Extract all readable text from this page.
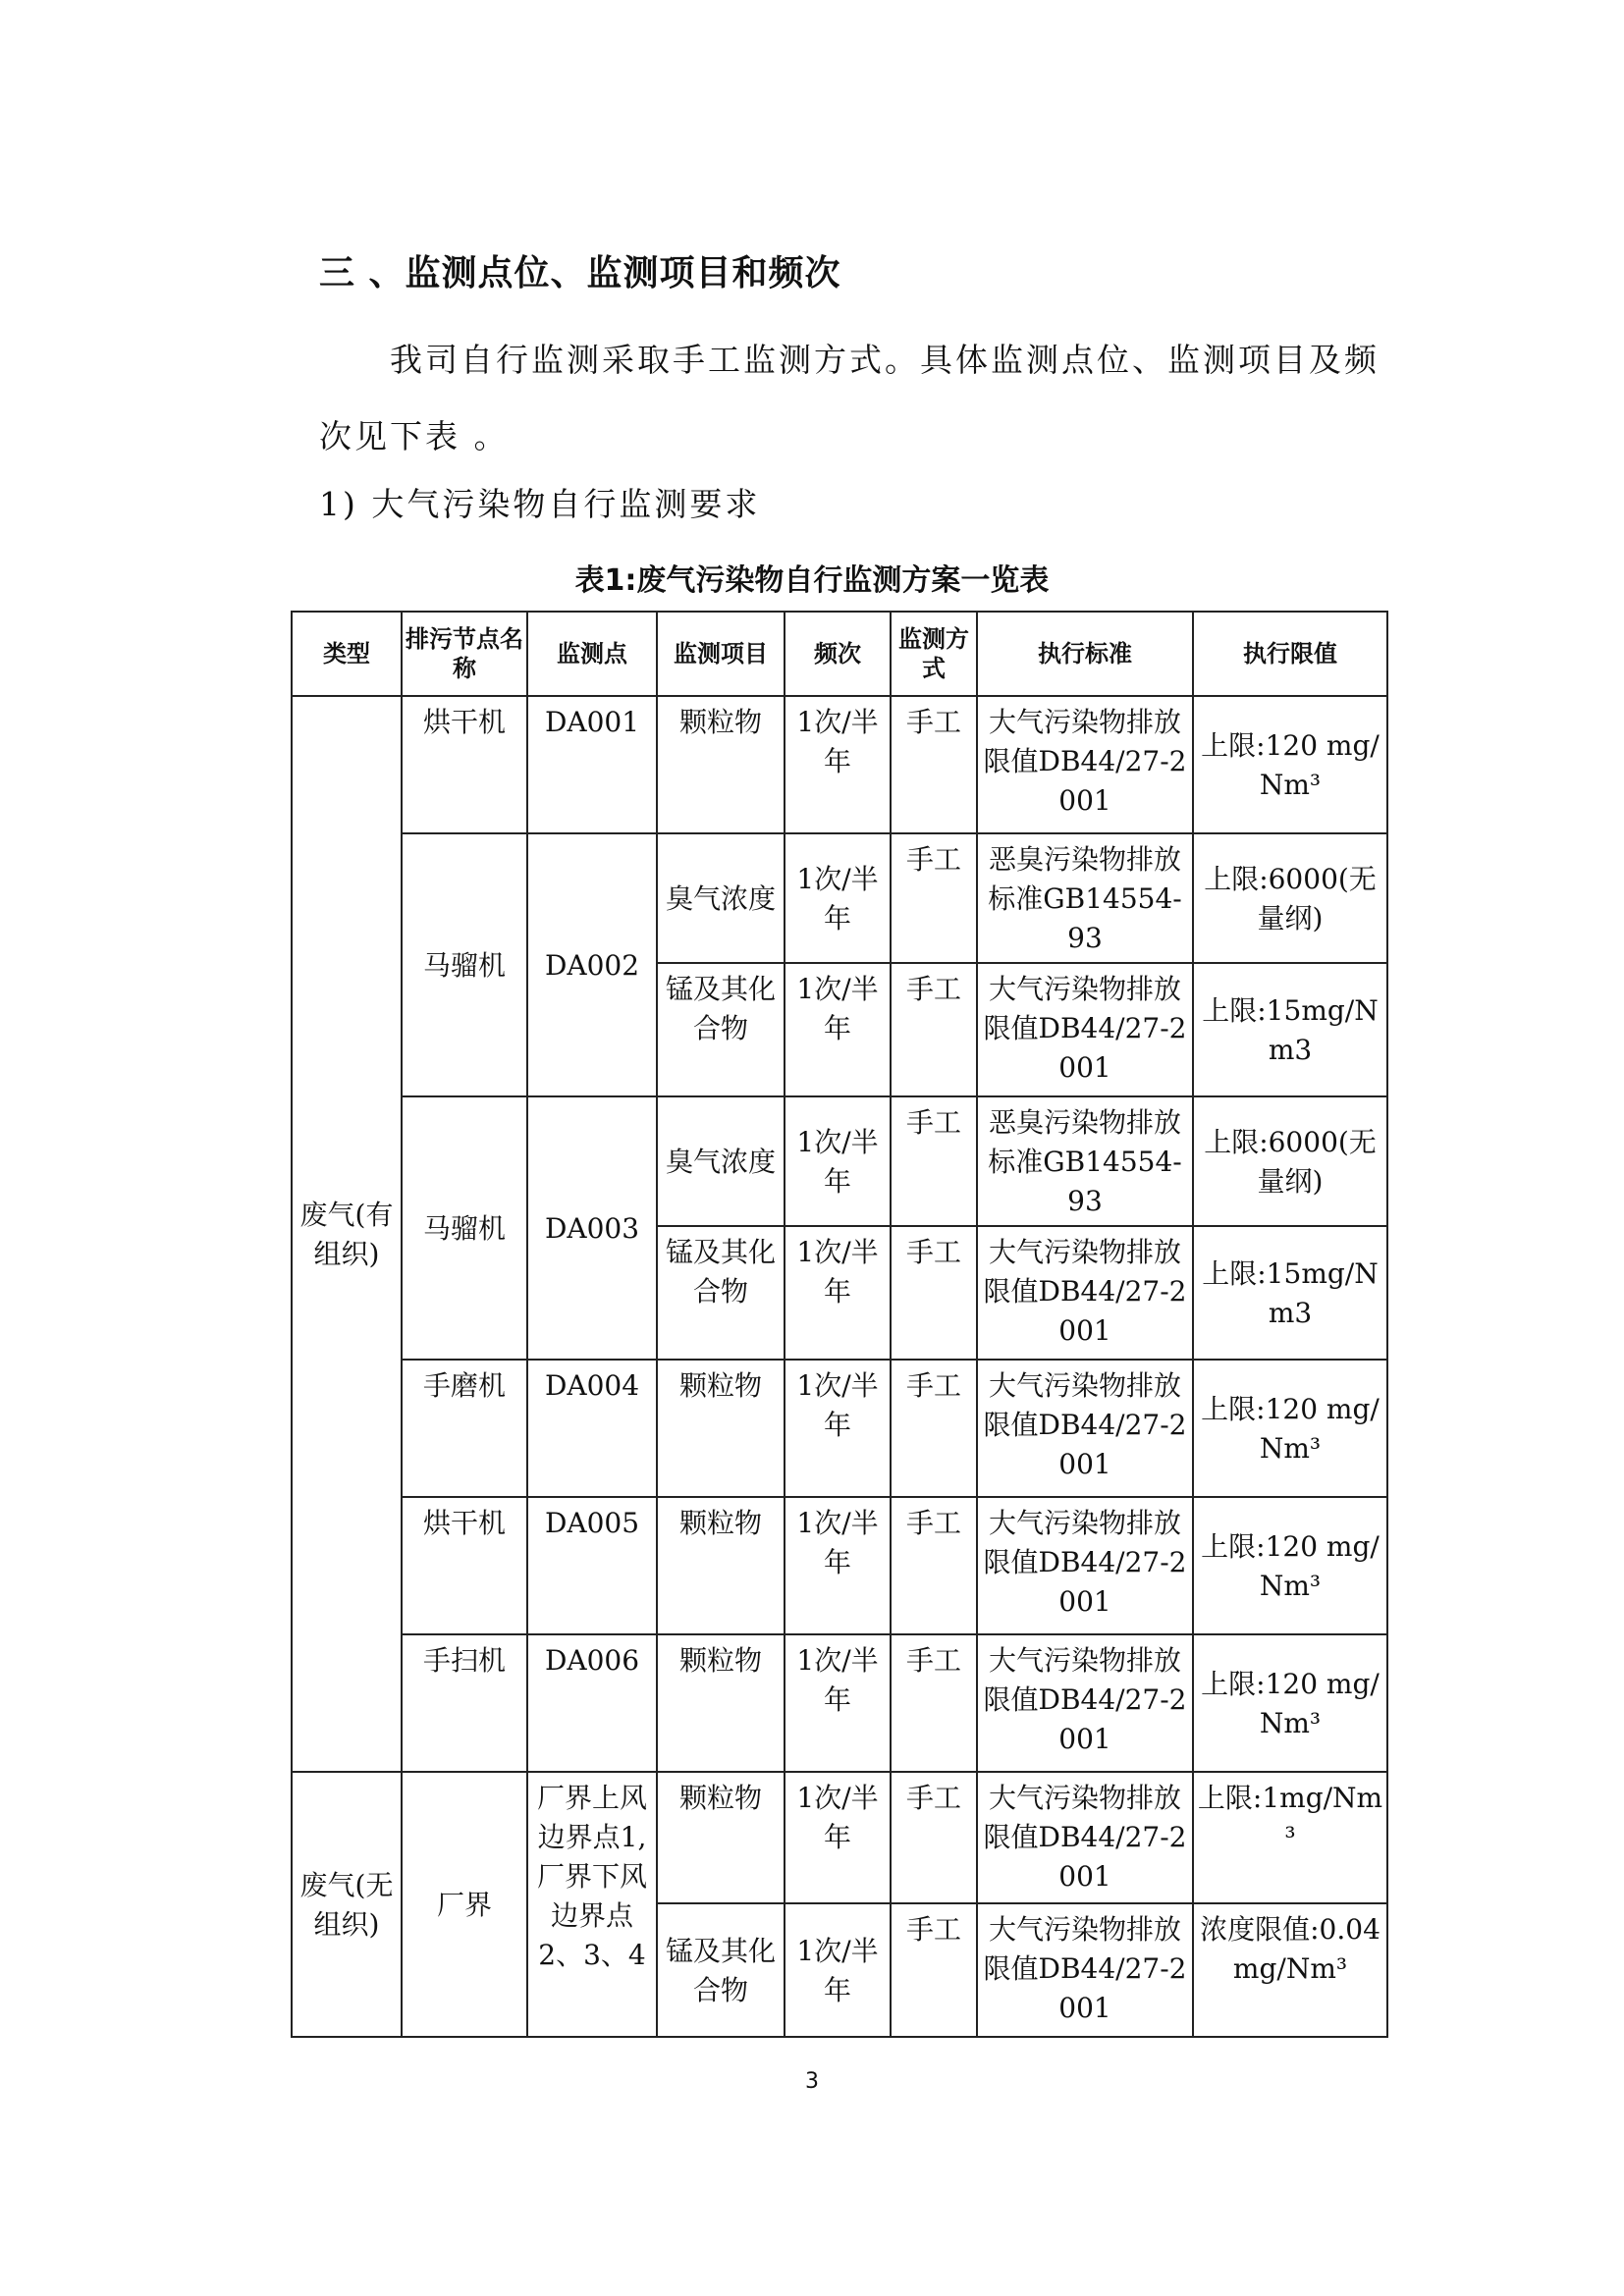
三 、监测点位、监测项目和频次
我司自行监测采取手工监测方式。具体监测点位、监测项目及频 次见下表 。
1) 大气污染物自行监测要求
表1:废气污染物自行监测方案一览表
类型	排污节点名称	监测点	监测项目	频次	监测方式	执行标准	执行限值
废气(有组织)	烘干机	DA001	颗粒物	1次/半年	手工	大气污染物排放限值DB44/27-2001	上限:120 mg/Nm³
	马骝机	DA002	臭气浓度	1次/半年	手工	恶臭污染物排放标准GB14554-93	上限:6000(无量纲)
			锰及其化合物	1次/半年	手工	大气污染物排放限值DB44/27-2001	上限:15mg/Nm3
	马骝机	DA003	臭气浓度	1次/半年	手工	恶臭污染物排放标准GB14554-93	上限:6000(无量纲)
			锰及其化合物	1次/半年	手工	大气污染物排放限值DB44/27-2001	上限:15mg/Nm3
	手磨机	DA004	颗粒物	1次/半年	手工	大气污染物排放限值DB44/27-2001	上限:120 mg/Nm³
	烘干机	DA005	颗粒物	1次/半年	手工	大气污染物排放限值DB44/27-2001	上限:120 mg/Nm³
	手扫机	DA006	颗粒物	1次/半年	手工	大气污染物排放限值DB44/27-2001	上限:120 mg/Nm³
废气(无组织)	厂界	厂界上风边界点1,厂界下风边界点2、3、4	颗粒物	1次/半年	手工	大气污染物排放限值DB44/27-2001	上限:1mg/Nm³
			锰及其化合物	1次/半年	手工	大气污染物排放限值DB44/27-2001	浓度限值:0.04mg/Nm³
3
